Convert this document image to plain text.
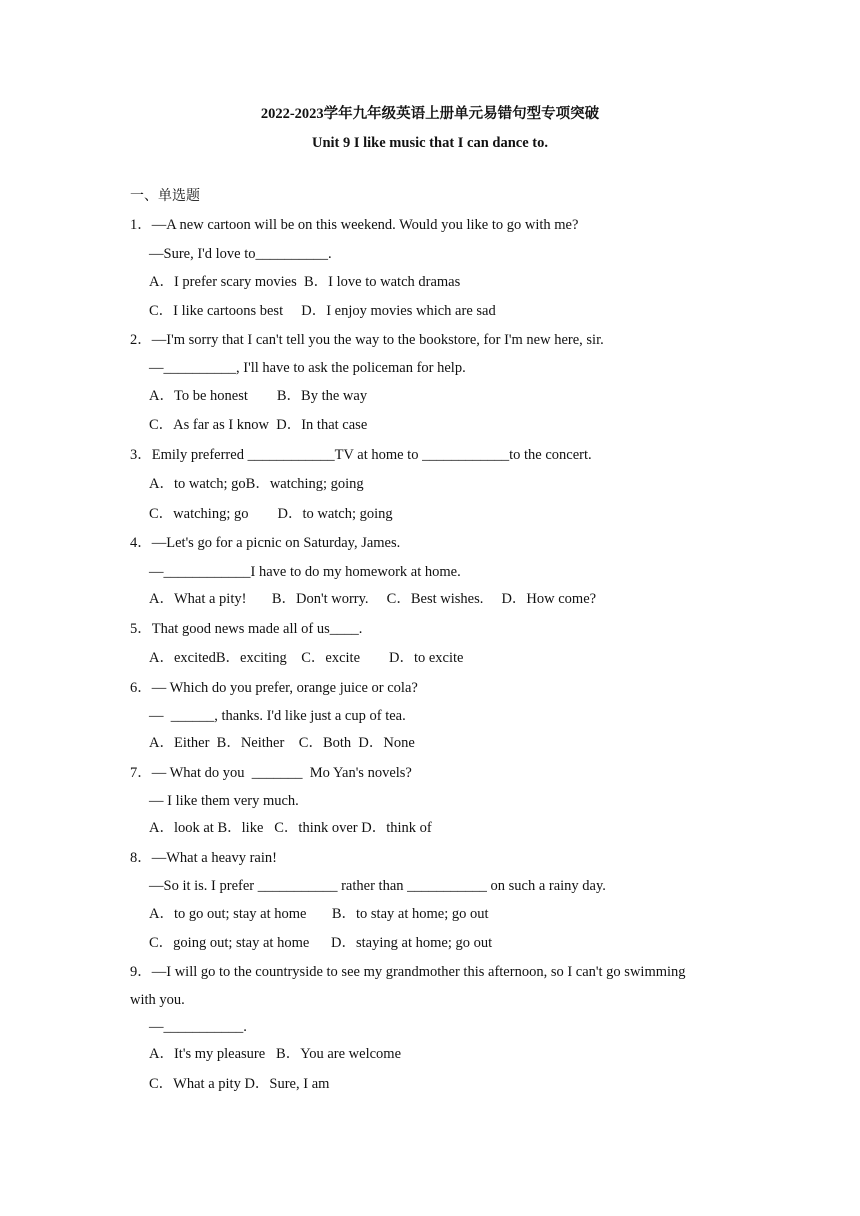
2022-2023学年九年级英语上册单元易错句型专项突破
Unit 9 I like music that I can dance to.
一、单选题
1．—A new cartoon will be on this weekend. Would you like to go with me?
—Sure, I'd love to__________.
A．I prefer scary movies  B．I love to watch dramas
C．I like cartoons best     D．I enjoy movies which are sad
2．—I'm sorry that I can't tell you the way to the bookstore, for I'm new here, sir.
—__________, I'll have to ask the policeman for help.
A．To be honest        B．By the way
C．As far as I know  D．In that case
3．Emily preferred ____________TV at home to ____________to the concert.
A．to watch; goB．watching; going
C．watching; go        D．to watch; going
4．—Let's go for a picnic on Saturday, James.
—____________I have to do my homework at home.
A．What a pity!       B．Don't worry.     C．Best wishes.     D．How come?
5．That good news made all of us____.
A．excitedB．exciting    C．excite        D．to excite
6．— Which do you prefer, orange juice or cola?
—  ______, thanks. I'd like just a cup of tea.
A．Either  B．Neither    C．Both  D．None
7．— What do you  _______  Mo Yan's novels?
— I like them very much.
A．look at B．like   C．think over D．think of
8．—What a heavy rain!
—So it is. I prefer ___________ rather than ___________ on such a rainy day.
A．to go out; stay at home       B．to stay at home; go out
C．going out; stay at home      D．staying at home; go out
9．—I will go to the countryside to see my grandmother this afternoon, so I can't go swimming
with you.
—___________.
A．It's my pleasure   B．You are welcome
C．What a pity D．Sure, I am
